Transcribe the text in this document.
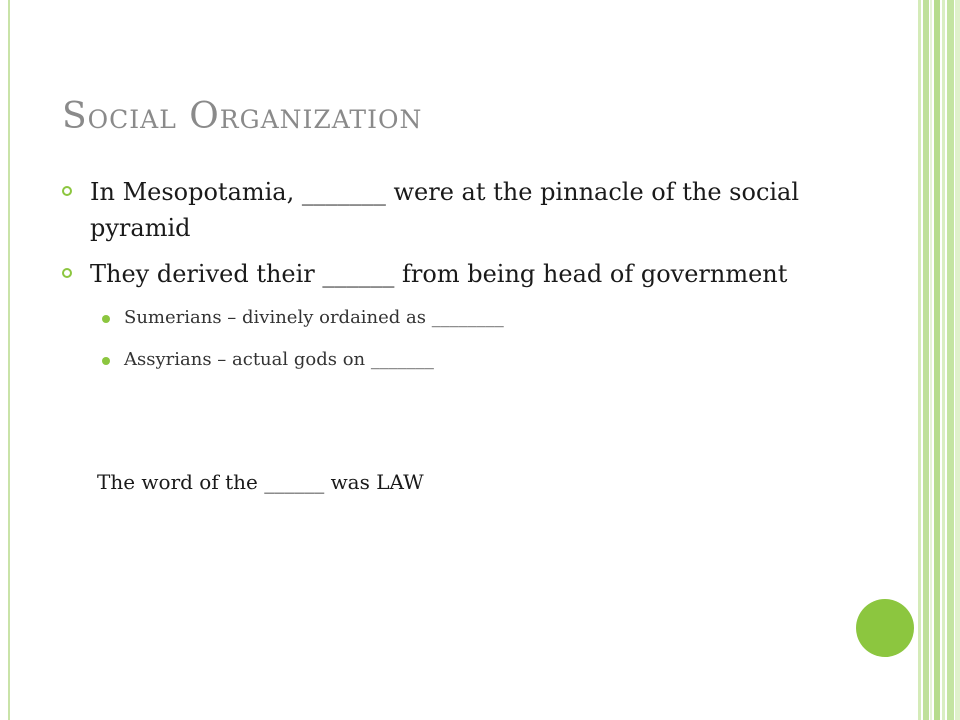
Social Organization
In Mesopotamia, _______ were at the pinnacle of the social pyramid
They derived their ______ from being head of government
Sumerians – divinely ordained as ________
Assyrians – actual gods on _______
The word of the ______ was LAW
